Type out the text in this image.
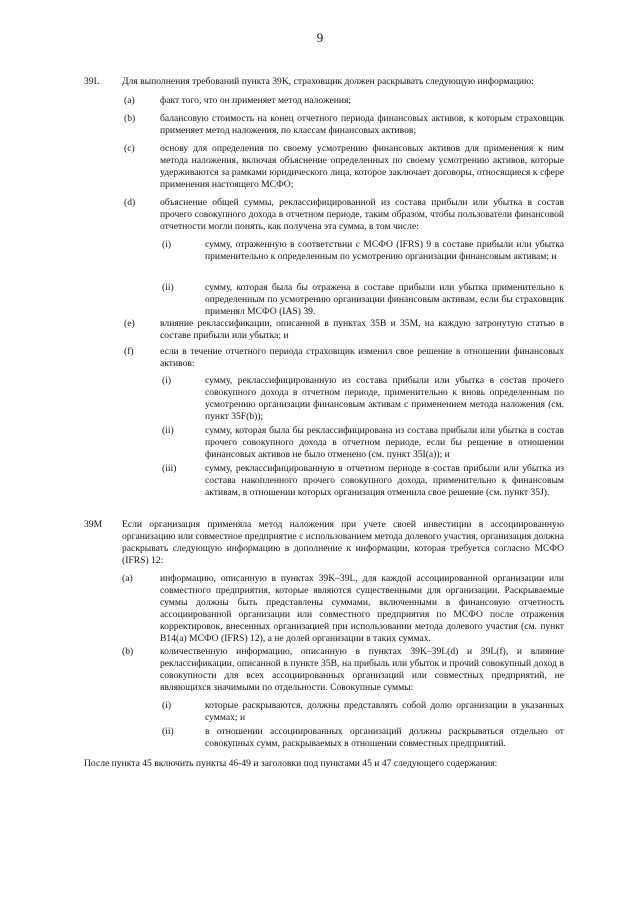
9
39L Для выполнения требований пункта 39K, страховщик должен раскрывать следующую информацию:
(a)	факт того, что он применяет метод наложения;
(b)	балансовую стоимость на конец отчетного периода финансовых активов, к которым страховщик применяет метод наложения, по классам финансовых активов;
(c)	основу для определения по своему усмотрению финансовых активов для применения к ним метода наложения, включая объяснение определенных по своему усмотрению активов, которые удерживаются за рамками юридического лица, которое заключает договоры, относящиеся к сфере применения настоящего МСФО;
(d)	объяснение общей суммы, реклассифицированной из состава прибыли или убытка в состав прочего совокупного дохода в отчетном периоде, таким образом, чтобы пользователи финансовой отчетности могли понять, как получена эта сумма, в том числе:
(i)	сумму, отраженную в соответствии с МСФО (IFRS) 9 в составе прибыли или убытка применительно к определенным по усмотрению организации финансовым активам; и
(ii)	сумму, которая была бы отражена в составе прибыли или убытка применительно к определенным по усмотрению организации финансовым активам, если бы страховщик применял МСФО (IAS) 39.
(e)	влияние реклассификации, описанной в пунктах 35B и 35M, на каждую затронутую статью в составе прибыли или убытка; и
(f)	если в течение отчетного периода страховщик изменил свое решение в отношении финансовых активов:
(i)	сумму, реклассифицированную из состава прибыли или убытка в состав прочего совокупного дохода в отчетном периоде, применительно к вновь определенным по усмотрению организации финансовым активам с применением метода наложения (см. пункт 35F(b));
(ii)	сумму, которая была бы реклассифицирована из состава прибыли или убытка в состав прочего совокупного дохода в отчетном периоде, если бы решение в отношении финансовых активов не было отменено (см. пункт 35I(a)); и
(iii)	сумму, реклассифицированную в отчетном периоде в состав прибыли или убытка из состава накопленного прочего совокупного дохода, применительно к финансовым активам, в отношении которых организация отменила свое решение (см. пункт 35J).
39M Если организация применяла метод наложения при учете своей инвестиции в ассоциированную организацию или совместное предприятие с использованием метода долевого участия, организация должна раскрывать следующую информацию в дополнение к информации, которая требуется согласно МСФО (IFRS) 12:
(a)	информацию, описанную в пунктах 39K–39L, для каждой ассоциированной организации или совместного предприятия, которые являются существенными для организации. Раскрываемые суммы должны быть представлены суммами, включенными в финансовую отчетность ассоциированной организации или совместного предприятия по МСФО после отражения корректировок, внесенных организацией при использовании метода долевого участия (см. пункт B14(a) МСФО (IFRS) 12), а не долей организации в таких суммах.
(b)	количественную информацию, описанную в пунктах 39K–39L(d) и 39L(f), и влияние реклассификации, описанной в пункте 35B, на прибыль или убыток и прочий совокупный доход в совокупности для всех ассоциированных организаций или совместных предприятий, не являющихся значимыми по отдельности. Совокупные суммы:
(i)	которые раскрываются, должны представлять собой долю организации в указанных суммах; и
(ii)	в отношении ассоциированных организаций должны раскрываться отдельно от совокупных сумм, раскрываемых в отношении совместных предприятий.
После пункта 45 включить пункты 46-49 и заголовки под пунктами 45 и 47 следующего содержания:
